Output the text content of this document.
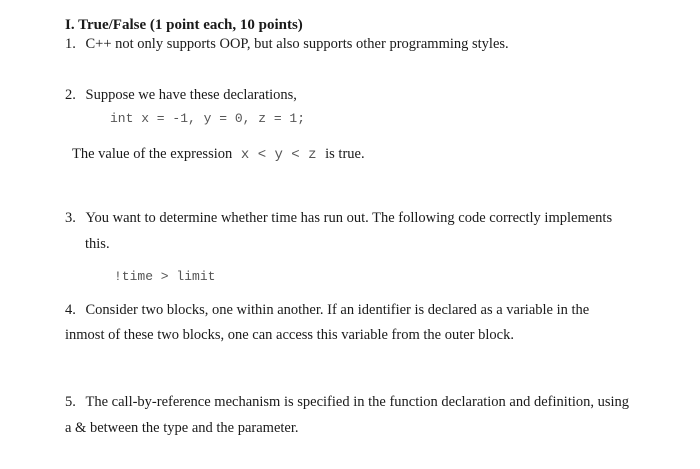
I. True/False (1 point each, 10 points)
1. C++ not only supports OOP, but also supports other programming styles.
2. Suppose we have these declarations,
int x = -1, y = 0, z = 1;
The value of the expression x < y < z is true.
3. You want to determine whether time has run out. The following code correctly implements
this.
!time > limit
4. Consider two blocks, one within another. If an identifier is declared as a variable in the
inmost of these two blocks, one can access this variable from the outer block.
5. The call-by-reference mechanism is specified in the function declaration and definition, using
a & between the type and the parameter.
